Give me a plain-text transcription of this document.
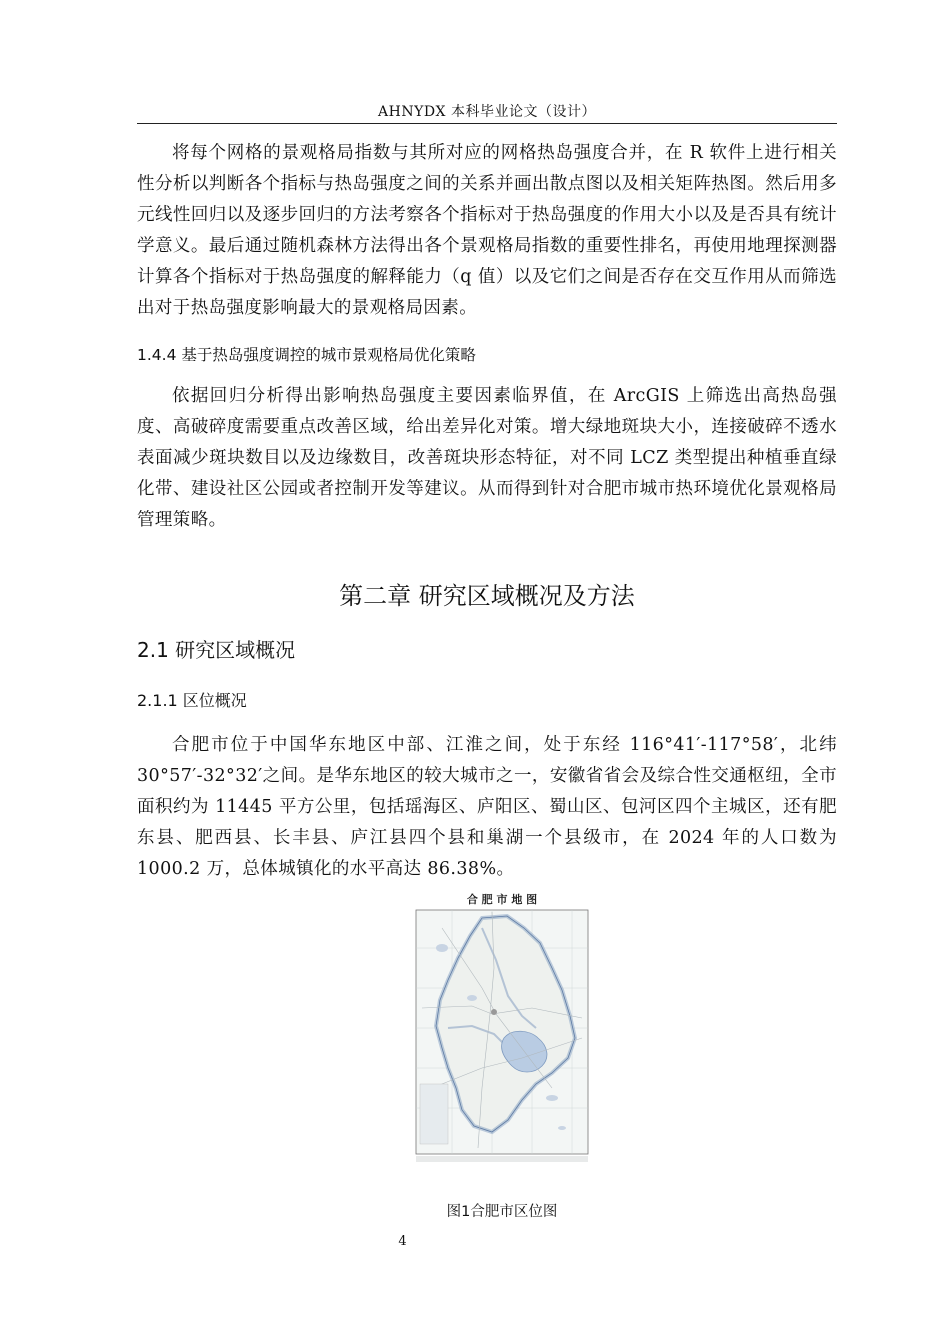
AHNYDX 本科毕业论文（设计）
将每个网格的景观格局指数与其所对应的网格热岛强度合并，在 R 软件上进行相关性分析以判断各个指标与热岛强度之间的关系并画出散点图以及相关矩阵热图。然后用多元线性回归以及逐步回归的方法考察各个指标对于热岛强度的作用大小以及是否具有统计学意义。最后通过随机森林方法得出各个景观格局指数的重要性排名，再使用地理探测器计算各个指标对于热岛强度的解释能力（q 值）以及它们之间是否存在交互作用从而筛选出对于热岛强度影响最大的景观格局因素。
1.4.4 基于热岛强度调控的城市景观格局优化策略
依据回归分析得出影响热岛强度主要因素临界值，在 ArcGIS 上筛选出高热岛强度、高破碎度需要重点改善区域，给出差异化对策。增大绿地斑块大小，连接破碎不透水表面减少斑块数目以及边缘数目，改善斑块形态特征，对不同 LCZ 类型提出种植垂直绿化带、建设社区公园或者控制开发等建议。从而得到针对合肥市城市热环境优化景观格局管理策略。
第二章 研究区域概况及方法
2.1 研究区域概况
2.1.1 区位概况
合肥市位于中国华东地区中部、江淮之间，处于东经 116°41′-117°58′，北纬30°57′-32°32′之间。是华东地区的较大城市之一，安徽省省会及综合性交通枢纽，全市面积约为 11445 平方公里，包括瑶海区、庐阳区、蜀山区、包河区四个主城区，还有肥东县、肥西县、长丰县、庐江县四个县和巢湖一个县级市，在 2024 年的人口数为 1000.2 万，总体城镇化的水平高达 86.38%。
合 肥 市 地 图
图1合肥市区位图
4
